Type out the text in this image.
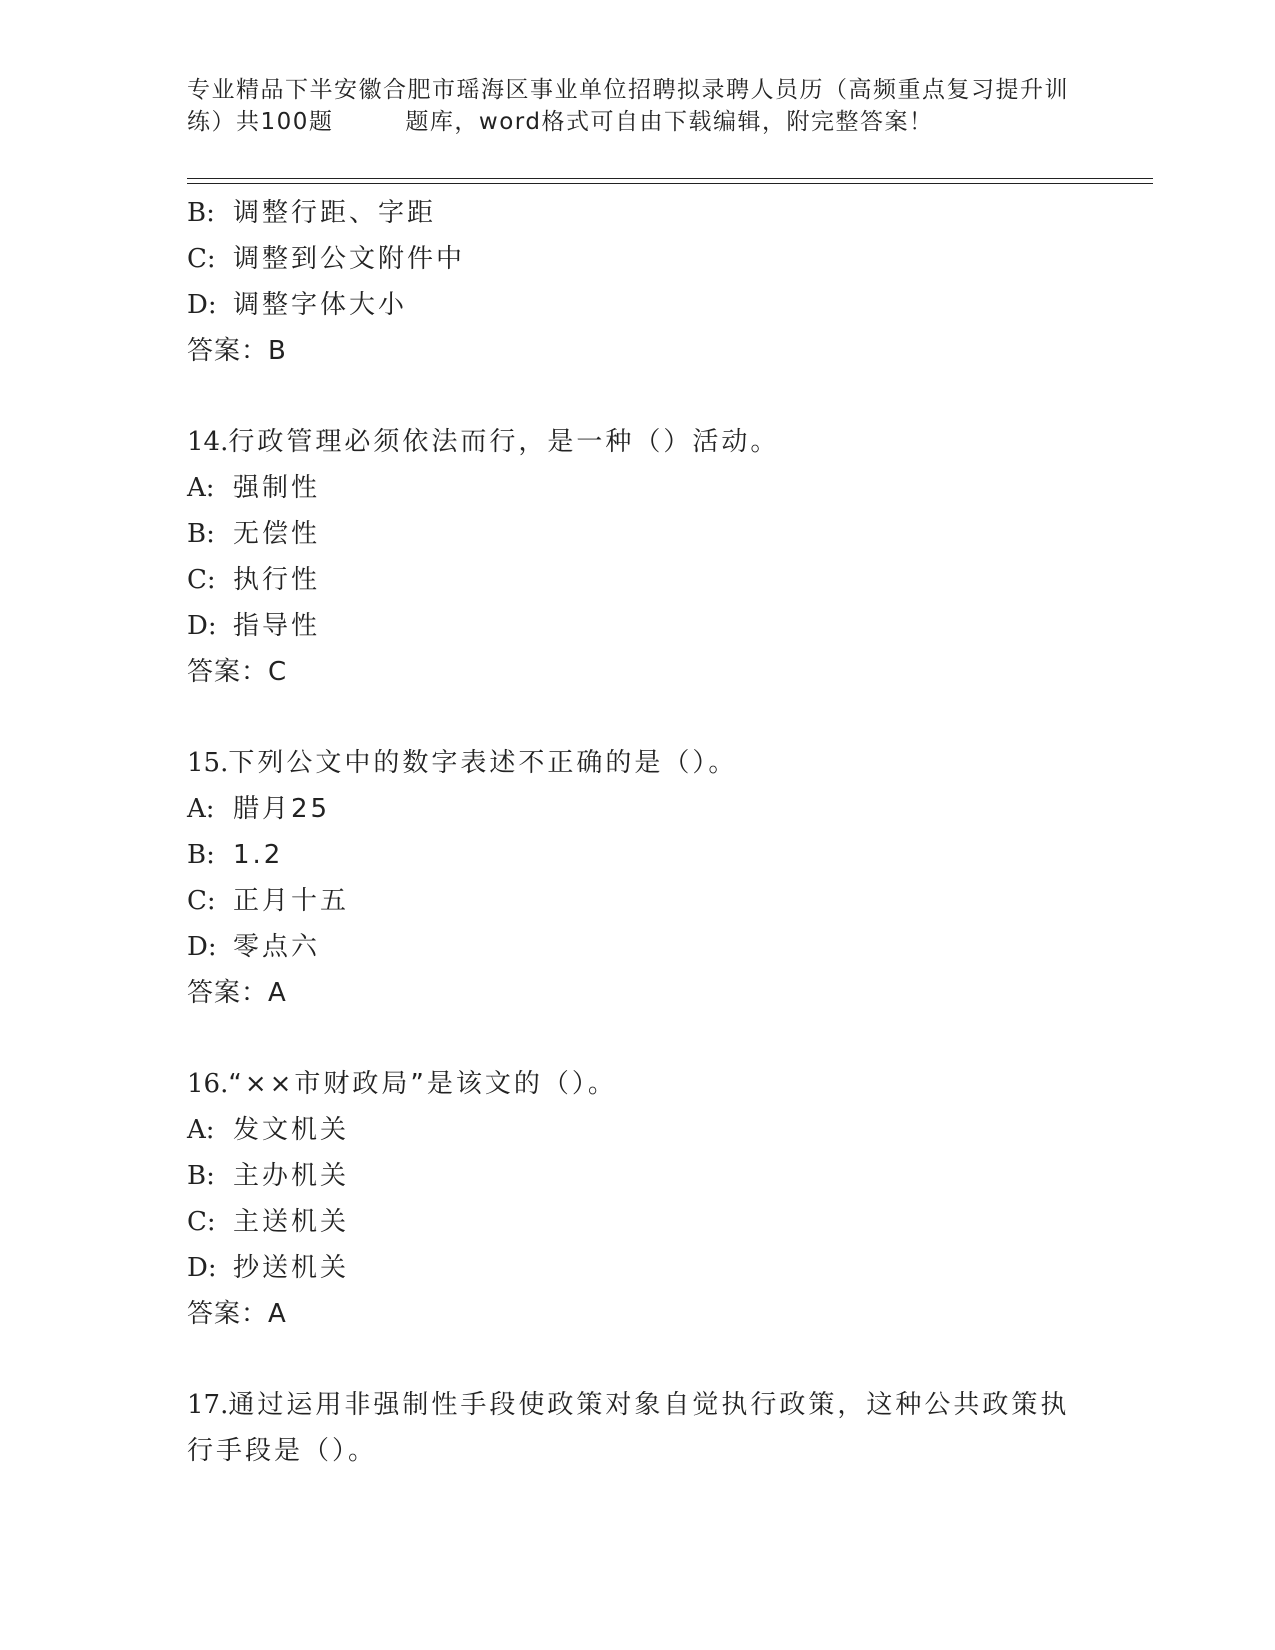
专业精品下半安徽合肥市瑶海区事业单位招聘拟录聘人员历（高频重点复习提升训
练）共100题	题库，word格式可自由下载编辑，附完整答案！
B: 调整行距、字距
C: 调整到公文附件中
D: 调整字体大小
答案：B
14.行政管理必须依法而行，是一种（）活动。
A: 强制性
B: 无偿性
C: 执行性
D: 指导性
答案：C
15.下列公文中的数字表述不正确的是（）。
A: 腊月25
B: 1.2
C: 正月十五
D: 零点六
答案：A
16.“××市财政局”是该文的（）。
A: 发文机关
B: 主办机关
C: 主送机关
D: 抄送机关
答案：A
17.通过运用非强制性手段使政策对象自觉执行政策，这种公共政策执
行手段是（）。
